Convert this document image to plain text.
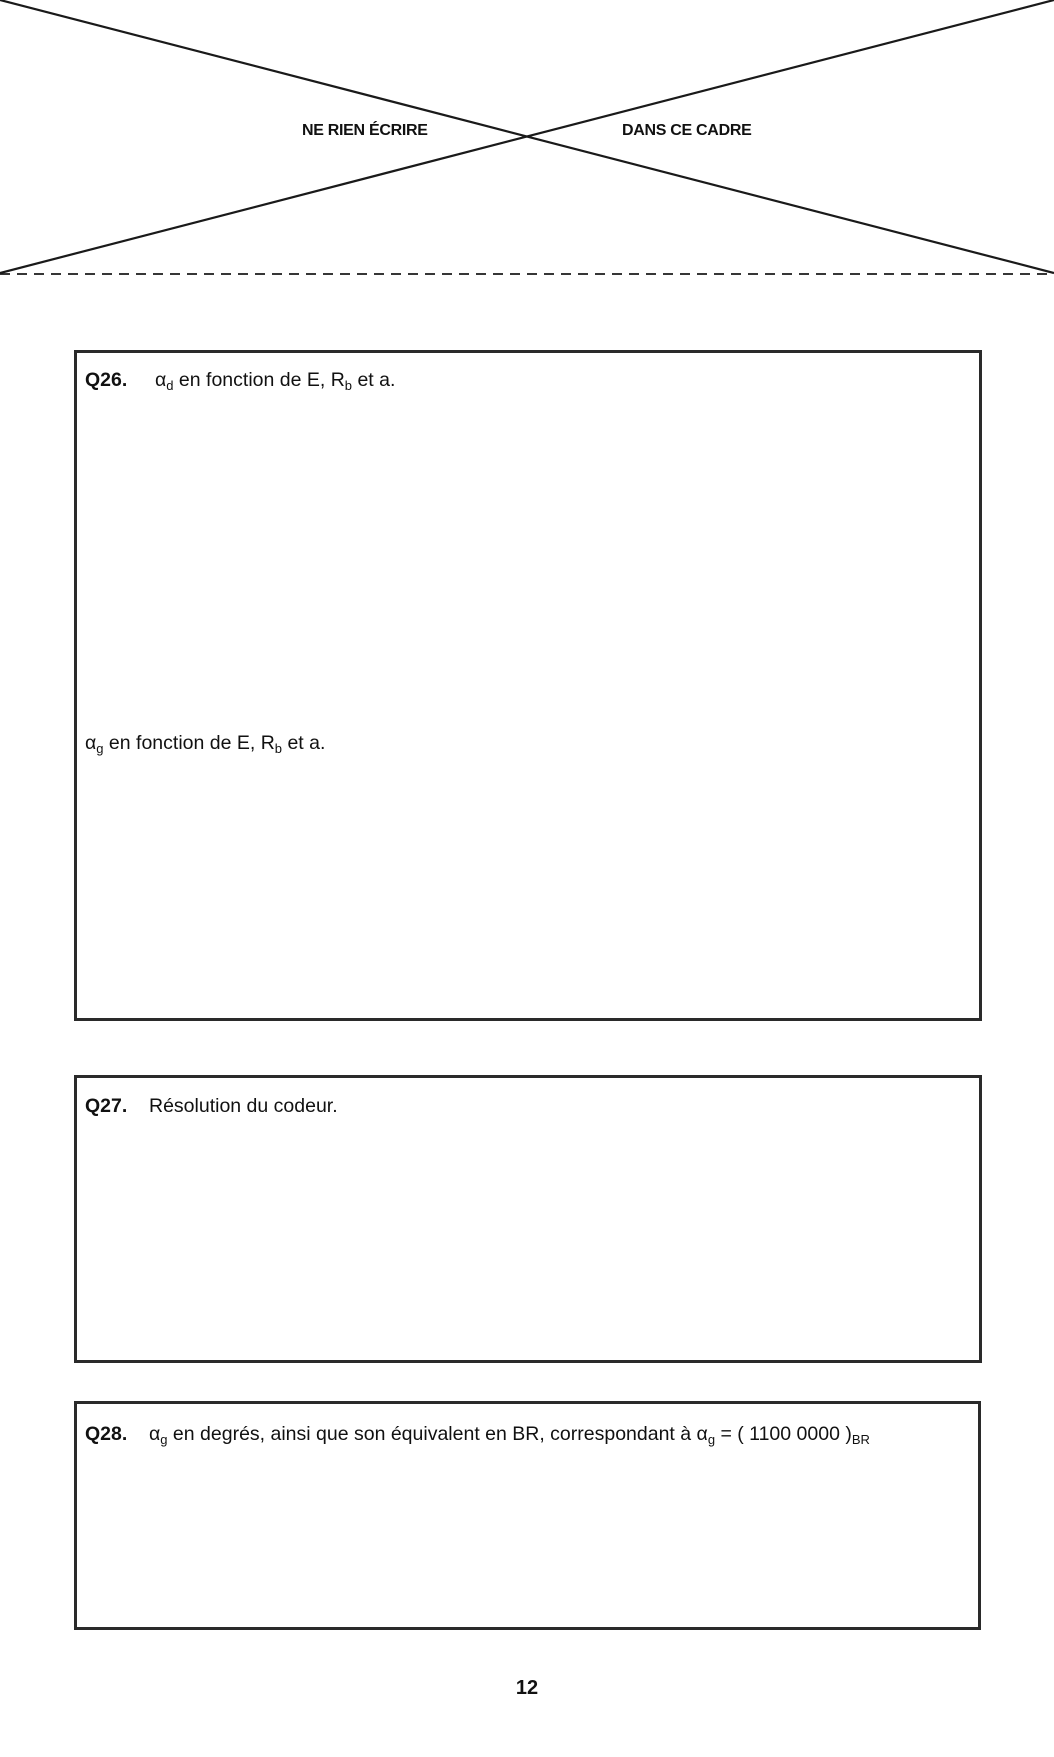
NE RIEN ÉCRIRE	DANS CE CADRE
Q26. $\alpha_d$ en fonction de E, $R_b$ et a.
$\alpha_g$ en fonction de E, $R_b$ et a.
Q27. Résolution du codeur.
Q28. $\alpha_g$ en degrés, ainsi que son équivalent en BR, correspondant à $\alpha_g$ = ( 1100 0000 )$_{BR}$
12
